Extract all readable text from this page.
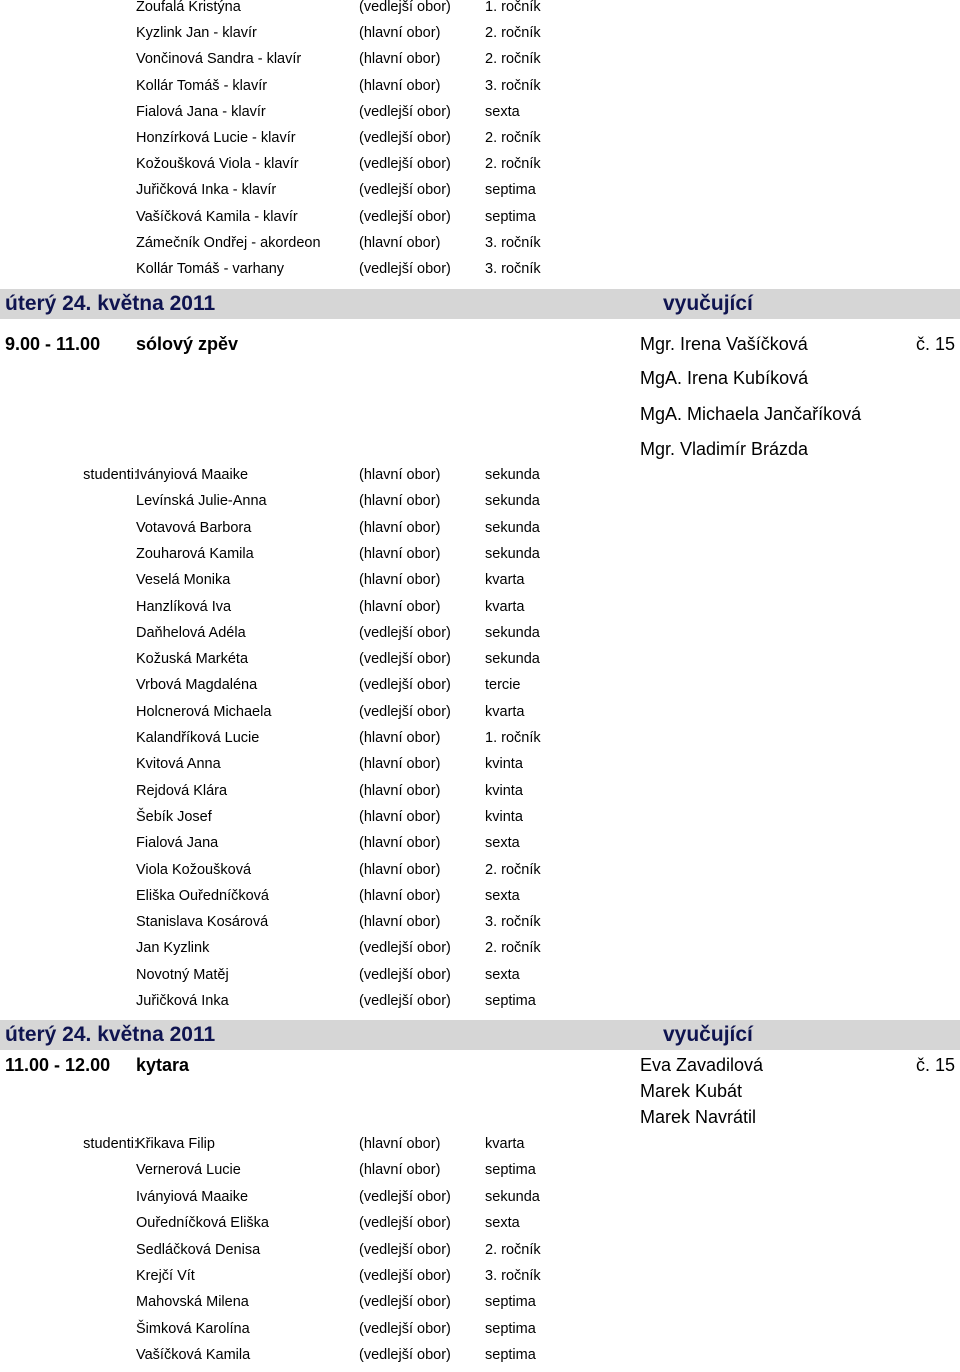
Zoufalá Kristýna	(vedlejší obor) 1. ročník
Kyzlink Jan - klavír	(hlavní obor)	2. ročník
Vončinová Sandra - klavír	(hlavní obor)	2. ročník
Kollár Tomáš - klavír	(hlavní obor)	3. ročník
Fialová Jana - klavír	(vedlejší obor) sexta
Honzírková Lucie - klavír	(vedlejší obor) 2. ročník
Kožoušková Viola - klavír	(vedlejší obor) 2. ročník
Juřičková Inka - klavír	(vedlejší obor) septima
Vašíčková Kamila - klavír	(vedlejší obor) septima
Zámečník Ondřej - akordeon	(hlavní obor)	3. ročník
Kollár Tomáš - varhany	(vedlejší obor) 3. ročník
úterý 24. května 2011	vyučující
9.00 - 11.00 sólový zpěv	č. 15
Mgr. Irena Vašíčková
MgA. Irena Kubíková
MgA. Michaela Jančaříková
Mgr. Vladimír Brázda
studenti:
Iványiová Maaike	(hlavní obor)	sekunda
Levínská Julie-Anna	(hlavní obor)	sekunda
Votavová Barbora	(hlavní obor)	sekunda
Zouharová Kamila	(hlavní obor)	sekunda
Veselá Monika	(hlavní obor)	kvarta
Hanzlíková Iva	(hlavní obor)	kvarta
Daňhelová Adéla	(vedlejší obor) sekunda
Kožuská Markéta	(vedlejší obor) sekunda
Vrbová Magdaléna	(vedlejší obor) tercie
Holcnerová Michaela	(vedlejší obor) kvarta
Kalandříková Lucie	(hlavní obor)	1. ročník
Kvitová Anna	(hlavní obor)	kvinta
Rejdová Klára	(hlavní obor)	kvinta
Šebík Josef	(hlavní obor)	kvinta
Fialová Jana	(hlavní obor)	sexta
Viola Kožoušková	(hlavní obor)	2. ročník
Eliška Ouředníčková	(hlavní obor)	sexta
Stanislava Kosárová	(hlavní obor)	3. ročník
Jan Kyzlink	(vedlejší obor) 2. ročník
Novotný Matěj	(vedlejší obor) sexta
Juřičková Inka	(vedlejší obor) septima
úterý 24. května 2011	vyučující
11.00 - 12.00 kytara	č. 15
Eva Zavadilová
Marek Kubát
Marek Navrátil
studenti:
Křikava Filip	(hlavní obor)	kvarta
Vernerová Lucie	(hlavní obor)	septima
Iványiová Maaike	(vedlejší obor) sekunda
Ouředníčková Eliška	(vedlejší obor) sexta
Sedláčková Denisa	(vedlejší obor) 2. ročník
Krejčí Vít	(vedlejší obor) 3. ročník
Mahovská Milena	(vedlejší obor) septima
Šimková Karolína	(vedlejší obor) septima
Vašíčková Kamila	(vedlejší obor) septima
